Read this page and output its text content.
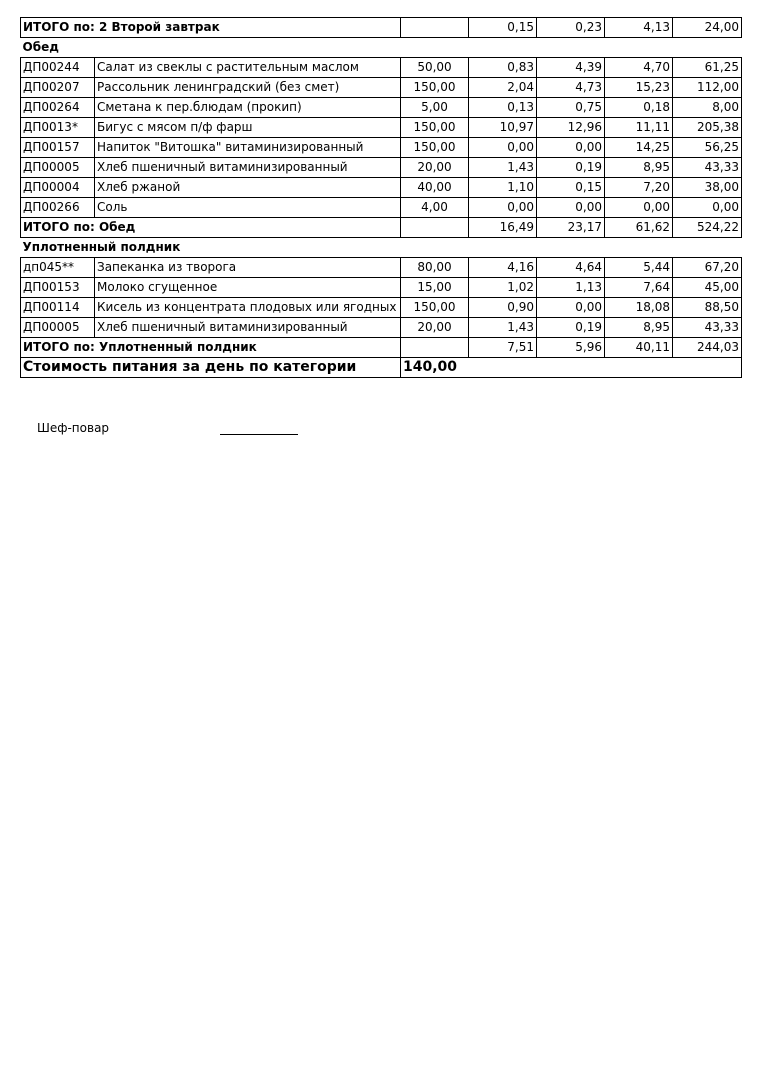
ИТОГО по: 2 Второй завтрак			0,15	0,23	4,13	24,00
Обед						
ДП00244	Салат из свеклы с растительным маслом	50,00	0,83	4,39	4,70	61,25
ДП00207	Рассольник ленинградский (без смет)	150,00	2,04	4,73	15,23	112,00
ДП00264	Сметана к пер.блюдам (прокип)	5,00	0,13	0,75	0,18	8,00
ДП0013*	Бигус с мясом п/ф фарш	150,00	10,97	12,96	11,11	205,38
ДП00157	Напиток "Витошка" витаминизированный	150,00	0,00	0,00	14,25	56,25
ДП00005	Хлеб пшеничный витаминизированный	20,00	1,43	0,19	8,95	43,33
ДП00004	Хлеб ржаной	40,00	1,10	0,15	7,20	38,00
ДП00266	Соль	4,00	0,00	0,00	0,00	0,00
ИТОГО по: Обед			16,49	23,17	61,62	524,22
Уплотненный полдник						
дп045**	Запеканка из творога	80,00	4,16	4,64	5,44	67,20
ДП00153	Молоко сгущенное	15,00	1,02	1,13	7,64	45,00
ДП00114	Кисель из концентрата плодовых или ягодных	150,00	0,90	0,00	18,08	88,50
ДП00005	Хлеб пшеничный витаминизированный	20,00	1,43	0,19	8,95	43,33
ИТОГО по: Уплотненный полдник			7,51	5,96	40,11	244,03
Стоимость питания за день по категории		140,00				
Шеф-повар
